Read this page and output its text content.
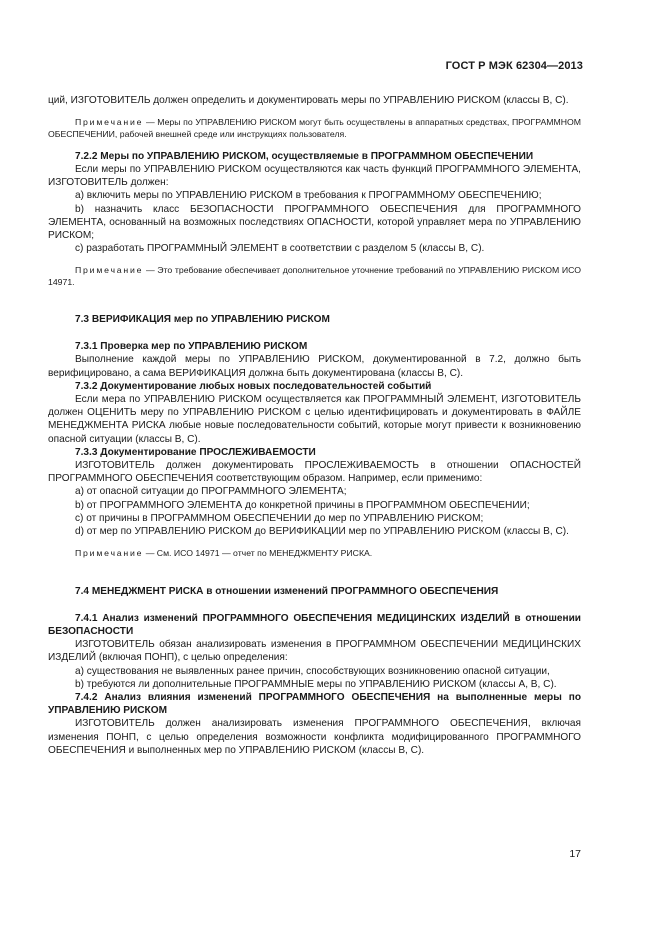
ГОСТ Р МЭК 62304—2013

ций, ИЗГОТОВИТЕЛЬ должен определить и документировать меры по УПРАВЛЕНИЮ РИСКОМ (классы В, С).

Примечание — Меры по УПРАВЛЕНИЮ РИСКОМ могут быть осуществлены в аппаратных средствах, ПРОГРАММНОМ ОБЕСПЕЧЕНИИ, рабочей внешней среде или инструкциях пользователя.

7.2.2 Меры по УПРАВЛЕНИЮ РИСКОМ, осуществляемые в ПРОГРАММНОМ ОБЕСПЕЧЕНИИ

Если меры по УПРАВЛЕНИЮ РИСКОМ осуществляются как часть функций ПРОГРАММНОГО ЭЛЕМЕНТА, ИЗГОТОВИТЕЛЬ должен:

а) включить меры по УПРАВЛЕНИЮ РИСКОМ в требования к ПРОГРАММНОМУ ОБЕСПЕЧЕНИЮ;

b) назначить класс БЕЗОПАСНОСТИ ПРОГРАММНОГО ОБЕСПЕЧЕНИЯ для ПРОГРАММНОГО ЭЛЕМЕНТА, основанный на возможных последствиях ОПАСНОСТИ, которой управляет мера по УПРАВЛЕНИЮ РИСКОМ;

с) разработать ПРОГРАММНЫЙ ЭЛЕМЕНТ в соответствии с разделом 5 (классы В, С).

Примечание — Это требование обеспечивает дополнительное уточнение требований по УПРАВЛЕНИЮ РИСКОМ ИСО 14971.

7.3 ВЕРИФИКАЦИЯ мер по УПРАВЛЕНИЮ РИСКОМ

7.3.1 Проверка мер по УПРАВЛЕНИЮ РИСКОМ

Выполнение каждой меры по УПРАВЛЕНИЮ РИСКОМ, документированной в 7.2, должно быть верифицировано, а сама ВЕРИФИКАЦИЯ должна быть документирована (классы В, С).

7.3.2 Документирование любых новых последовательностей событий

Если мера по УПРАВЛЕНИЮ РИСКОМ осуществляется как ПРОГРАММНЫЙ ЭЛЕМЕНТ, ИЗГОТОВИТЕЛЬ должен ОЦЕНИТЬ меру по УПРАВЛЕНИЮ РИСКОМ с целью идентифицировать и документировать в ФАЙЛЕ МЕНЕДЖМЕНТА РИСКА любые новые последовательности событий, которые могут привести к возникновению опасной ситуации (классы В, С).

7.3.3 Документирование ПРОСЛЕЖИВАЕМОСТИ

ИЗГОТОВИТЕЛЬ должен документировать ПРОСЛЕЖИВАЕМОСТЬ в отношении ОПАСНОСТЕЙ ПРОГРАММНОГО ОБЕСПЕЧЕНИЯ соответствующим образом. Например, если применимо:

а) от опасной ситуации до ПРОГРАММНОГО ЭЛЕМЕНТА;

b) от ПРОГРАММНОГО ЭЛЕМЕНТА до конкретной причины в ПРОГРАММНОМ ОБЕСПЕЧЕНИИ;

с) от причины в ПРОГРАММНОМ ОБЕСПЕЧЕНИИ до мер по УПРАВЛЕНИЮ РИСКОМ;

d) от мер по УПРАВЛЕНИЮ РИСКОМ до ВЕРИФИКАЦИИ мер по УПРАВЛЕНИЮ РИСКОМ (классы В, С).

Примечание — См. ИСО 14971 — отчет по МЕНЕДЖМЕНТУ РИСКА.

7.4 МЕНЕДЖМЕНТ РИСКА в отношении изменений ПРОГРАММНОГО ОБЕСПЕЧЕНИЯ

7.4.1 Анализ изменений ПРОГРАММНОГО ОБЕСПЕЧЕНИЯ МЕДИЦИНСКИХ ИЗДЕЛИЙ в отношении БЕЗОПАСНОСТИ

ИЗГОТОВИТЕЛЬ обязан анализировать изменения в ПРОГРАММНОМ ОБЕСПЕЧЕНИИ МЕДИЦИНСКИХ ИЗДЕЛИЙ (включая ПОНП), с целью определения:

а) существования не выявленных ранее причин, способствующих возникновению опасной ситуации,

b) требуются ли дополнительные ПРОГРАММНЫЕ меры по УПРАВЛЕНИЮ РИСКОМ (классы А, В, С).

7.4.2 Анализ влияния изменений ПРОГРАММНОГО ОБЕСПЕЧЕНИЯ на выполненные меры по УПРАВЛЕНИЮ РИСКОМ

ИЗГОТОВИТЕЛЬ должен анализировать изменения ПРОГРАММНОГО ОБЕСПЕЧЕНИЯ, включая изменения ПОНП, с целью определения возможности конфликта модифицированного ПРОГРАММНОГО ОБЕСПЕЧЕНИЯ и выполненных мер по УПРАВЛЕНИЮ РИСКОМ (классы В, С).

17
